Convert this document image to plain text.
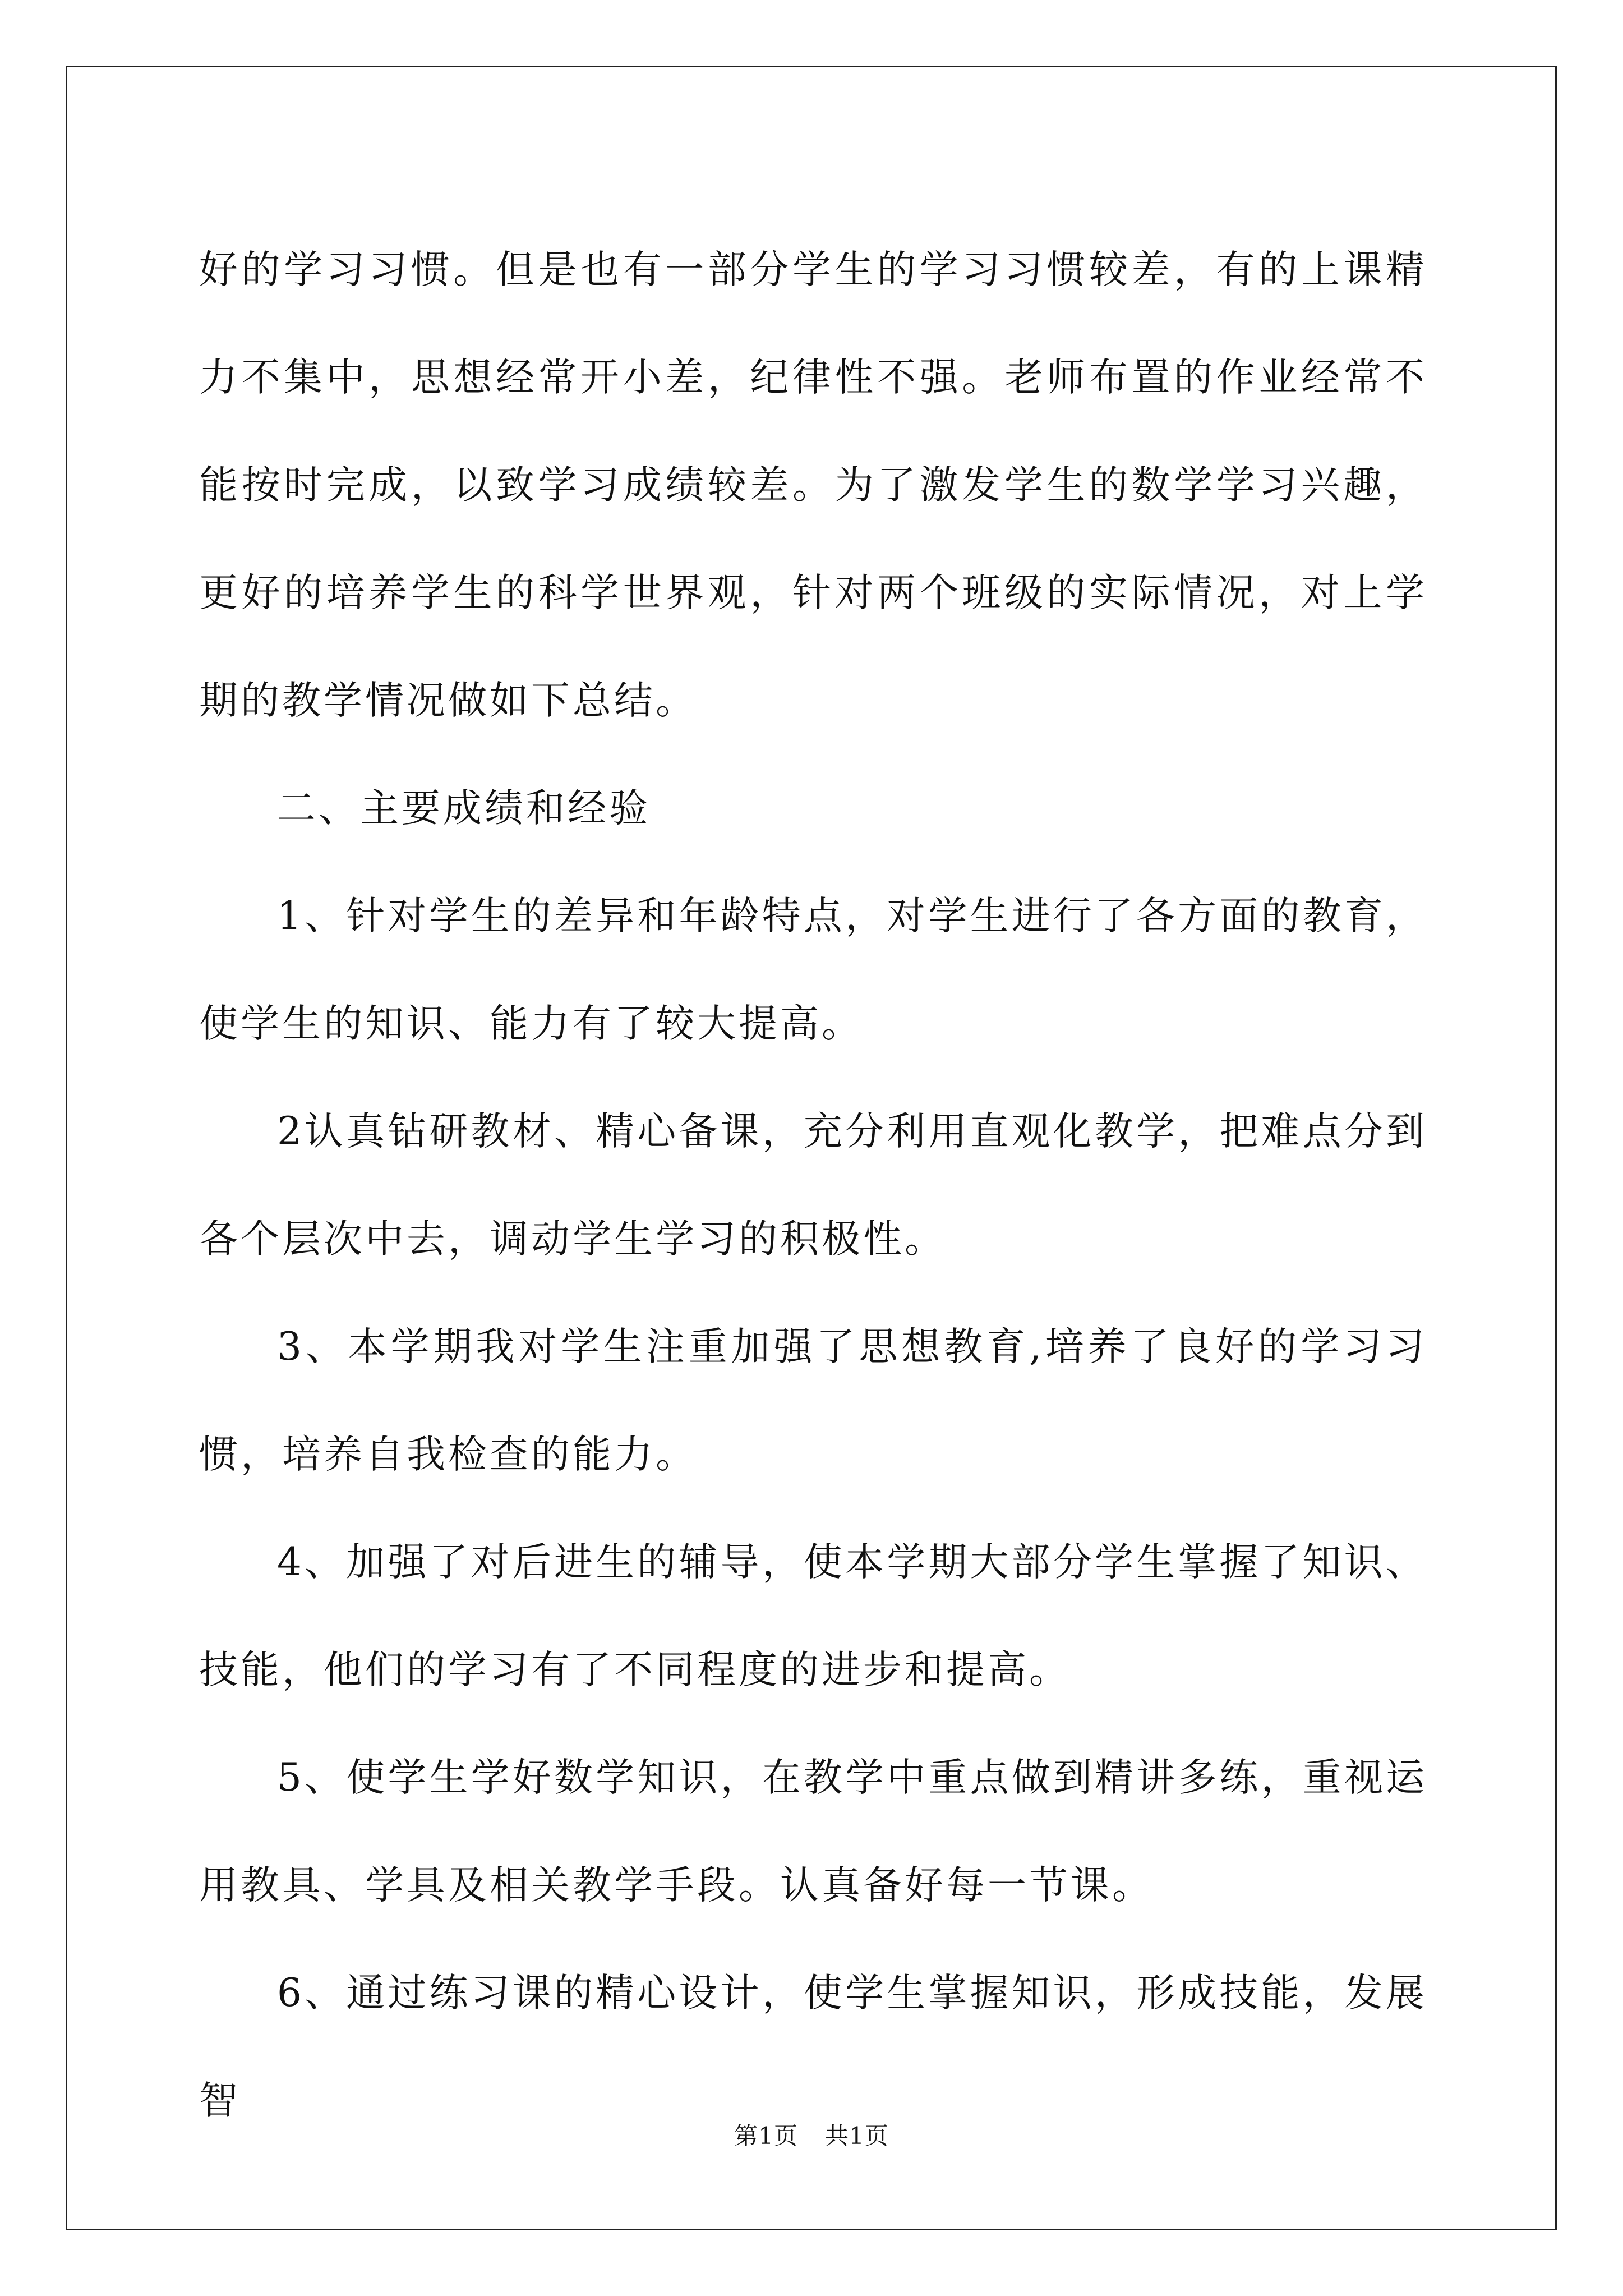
好的学习习惯。但是也有一部分学生的学习习惯较差，有的上课精力不集中，思想经常开小差，纪律性不强。老师布置的作业经常不能按时完成，以致学习成绩较差。为了激发学生的数学学习兴趣，更好的培养学生的科学世界观，针对两个班级的实际情况，对上学期的教学情况做如下总结。

二、主要成绩和经验

1、针对学生的差异和年龄特点，对学生进行了各方面的教育，使学生的知识、能力有了较大提高。

2认真钻研教材、精心备课，充分利用直观化教学，把难点分到各个层次中去，调动学生学习的积极性。

3、本学期我对学生注重加强了思想教育,培养了良好的学习习惯，培养自我检查的能力。

4、加强了对后进生的辅导，使本学期大部分学生掌握了知识、技能，他们的学习有了不同程度的进步和提高。

5、使学生学好数学知识，在教学中重点做到精讲多练，重视运用教具、学具及相关教学手段。认真备好每一节课。

6、通过练习课的精心设计，使学生掌握知识，形成技能，发展智

第1页 共1页
